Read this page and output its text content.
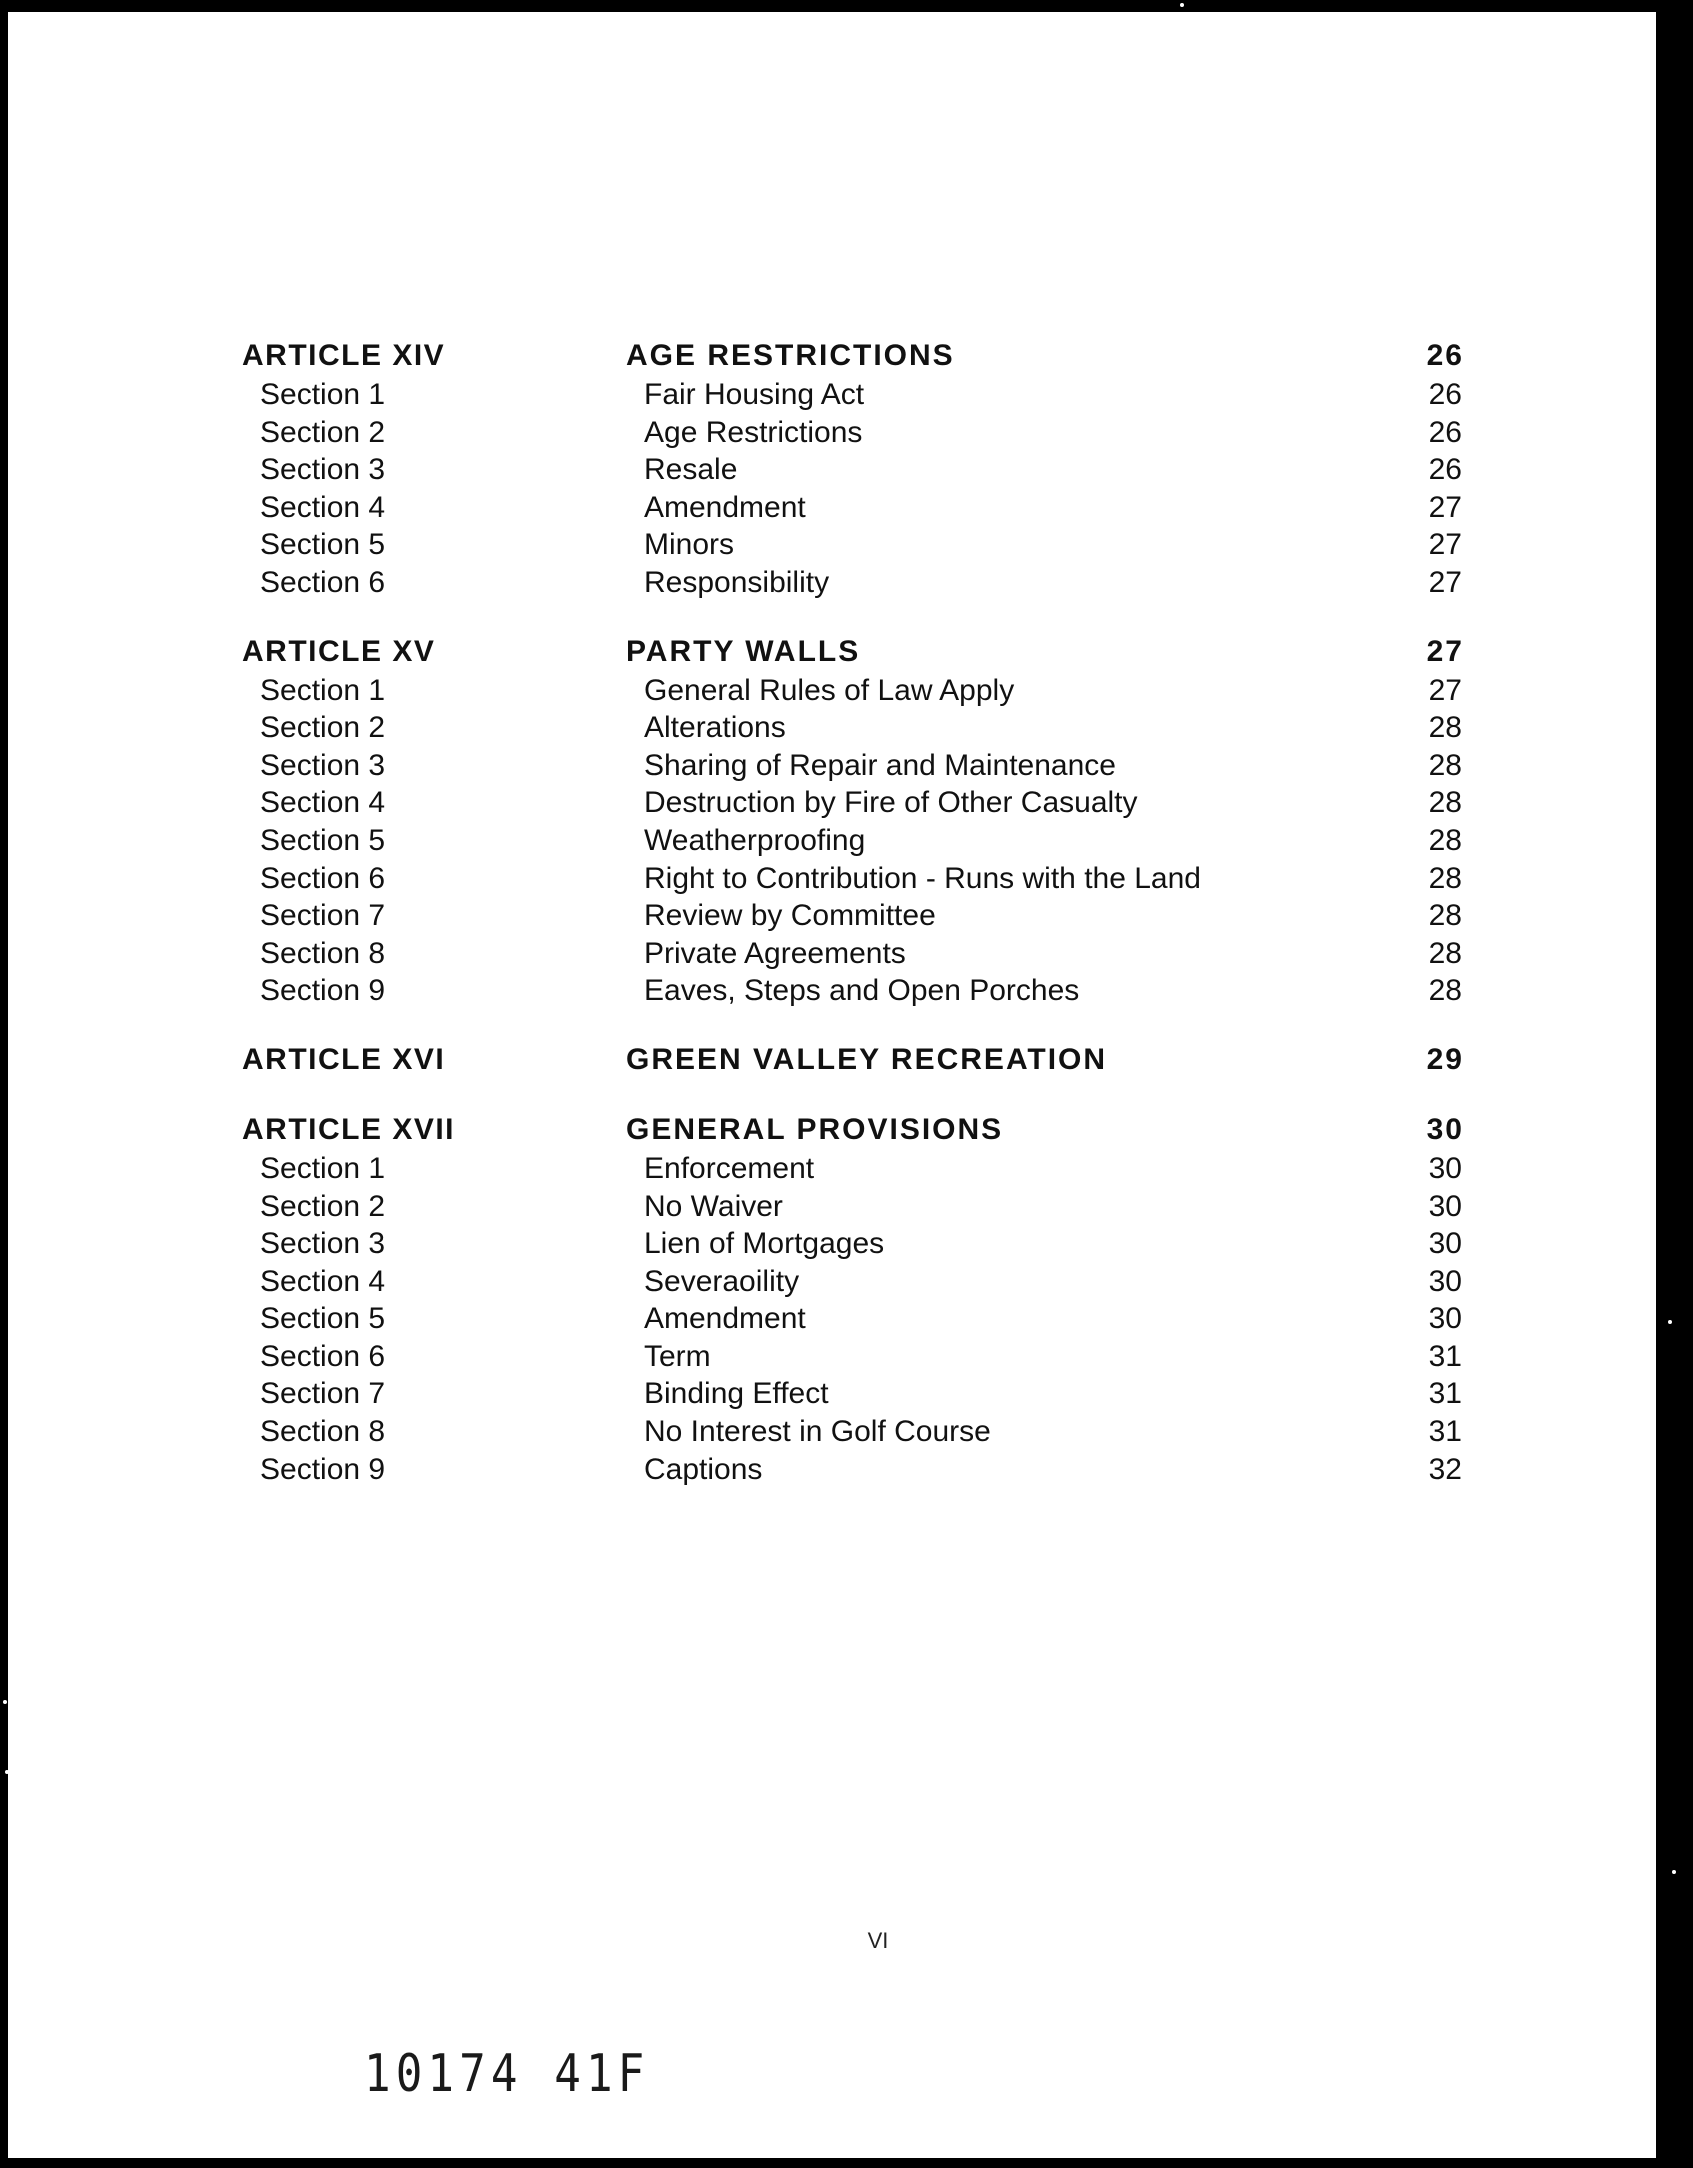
ARTICLE XIV	AGE RESTRICTIONS	26
Section 1	Fair Housing Act	26
Section 2	Age Restrictions	26
Section 3	Resale	26
Section 4	Amendment	27
Section 5	Minors	27
Section 6	Responsibility	27
ARTICLE XV	PARTY WALLS	27
Section 1	General Rules of Law Apply	27
Section 2	Alterations	28
Section 3	Sharing of Repair and Maintenance	28
Section 4	Destruction by Fire of Other Casualty	28
Section 5	Weatherproofing	28
Section 6	Right to Contribution - Runs with the Land	28
Section 7	Review by Committee	28
Section 8	Private Agreements	28
Section 9	Eaves, Steps and Open Porches	28
ARTICLE XVI	GREEN VALLEY RECREATION	29
ARTICLE XVII	GENERAL PROVISIONS	30
Section 1	Enforcement	30
Section 2	No Waiver	30
Section 3	Lien of Mortgages	30
Section 4	Severaoility	30
Section 5	Amendment	30
Section 6	Term	31
Section 7	Binding Effect	31
Section 8	No Interest in Golf Course	31
Section 9	Captions	32
VI
10174 41F
